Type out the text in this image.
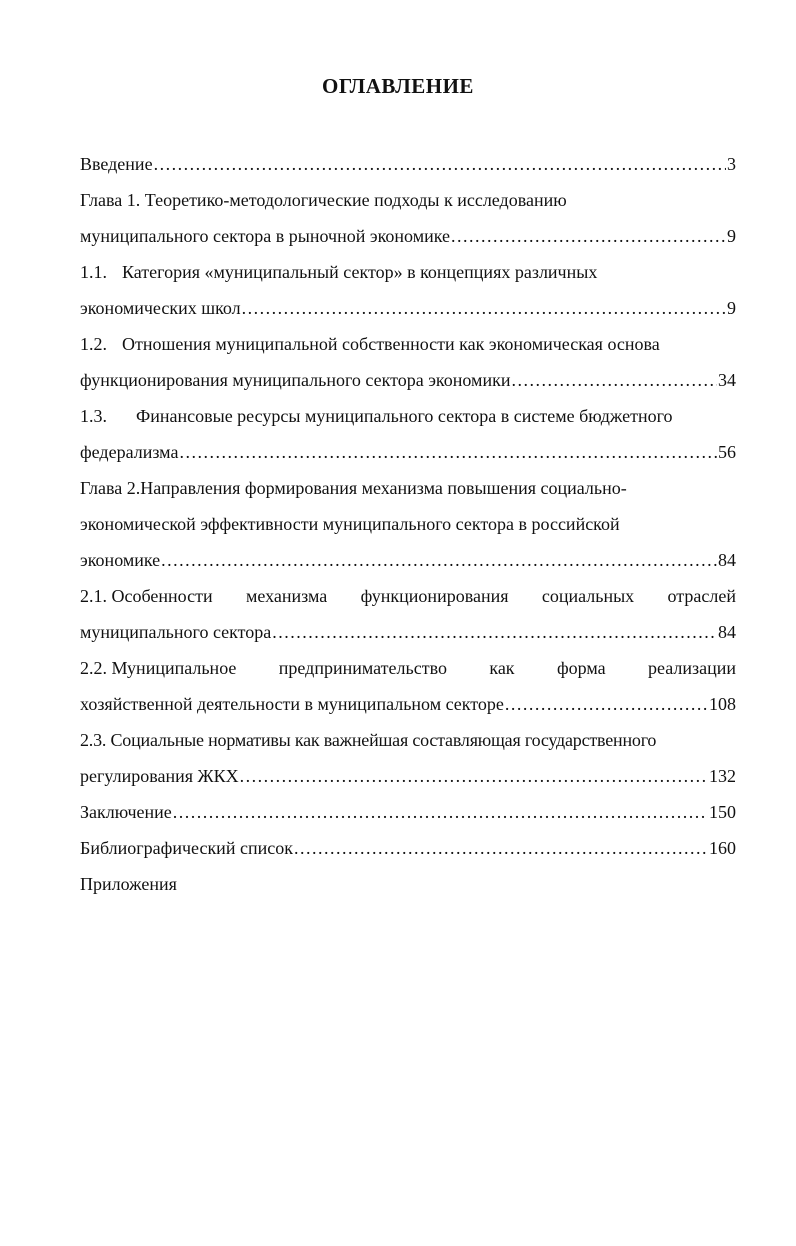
ОГЛАВЛЕНИЕ
Введение .....	3
Глава 1. Теоретико-методологические подходы к исследованию
муниципального сектора в рыночной экономике .....	9
1.1. Категория «муниципальный сектор» в концепциях различных
экономических школ .....	9
1.2. Отношения муниципальной собственности как экономическая основа
функционирования муниципального сектора экономики .....	34
1.3. Финансовые ресурсы муниципального сектора в системе бюджетного
федерализма .....	56
Глава 2.Направления формирования механизма повышения социально-
экономической эффективности муниципального сектора в российской
экономике .....	84
2.1. Особенности механизма функционирования социальных отраслей
муниципального сектора .....	84
2.2. Муниципальное предпринимательство как форма реализации
хозяйственной деятельности в муниципальном секторе .....	108
2.3. Социальные нормативы как важнейшая составляющая государственного
регулирования ЖКХ .....	132
Заключение .....	150
Библиографический список .....	160
Приложения
